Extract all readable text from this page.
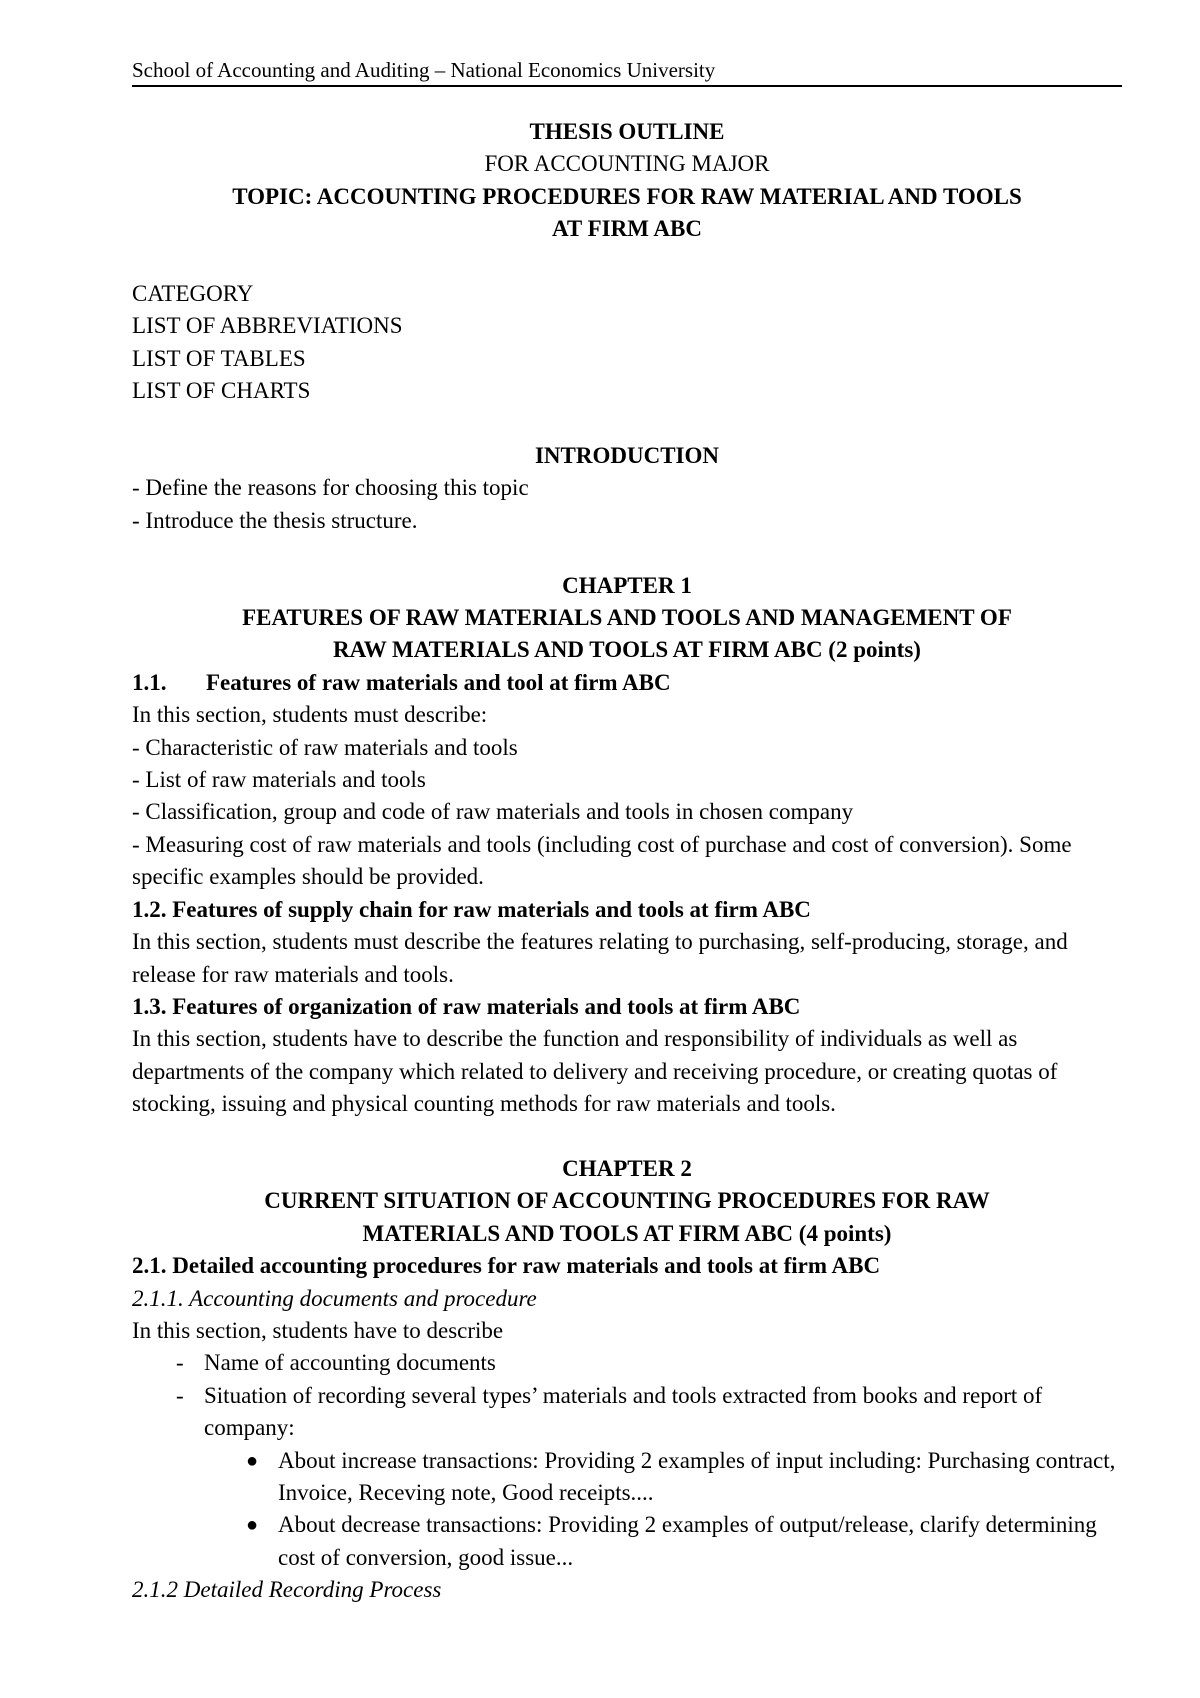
School of Accounting and Auditing – National Economics University
THESIS OUTLINE
FOR ACCOUNTING MAJOR
TOPIC: ACCOUNTING PROCEDURES FOR RAW MATERIAL AND TOOLS
AT FIRM ABC
CATEGORY
LIST OF ABBREVIATIONS
LIST OF TABLES
LIST OF CHARTS
INTRODUCTION
- Define the reasons for choosing this topic
- Introduce the thesis structure.
CHAPTER 1
FEATURES OF RAW MATERIALS AND TOOLS AND MANAGEMENT OF
RAW MATERIALS AND TOOLS AT FIRM ABC (2 points)
1.1. Features of raw materials and tool at firm ABC
In this section, students must describe:
- Characteristic of raw materials and tools
- List of raw materials and tools
- Classification, group and code of raw materials and tools in chosen company
- Measuring cost of raw materials and tools (including cost of purchase and cost of conversion). Some specific examples should be provided.
1.2. Features of supply chain for raw materials and tools at firm ABC
In this section, students must describe the features relating to purchasing, self-producing, storage, and release for raw materials and tools.
1.3. Features of organization of raw materials and tools at firm ABC
In this section, students have to describe the function and responsibility of individuals as well as departments of the company which related to delivery and receiving procedure, or creating quotas of stocking, issuing and physical counting methods for raw materials and tools.
CHAPTER 2
CURRENT SITUATION OF ACCOUNTING PROCEDURES FOR RAW
MATERIALS AND TOOLS AT FIRM ABC (4 points)
2.1. Detailed accounting procedures for raw materials and tools at firm ABC
2.1.1. Accounting documents and procedure
In this section, students have to describe
- Name of accounting documents
- Situation of recording several types’ materials and tools extracted from books and report of company:
● About increase transactions: Providing 2 examples of input including: Purchasing contract, Invoice, Receving note, Good receipts....
● About decrease transactions: Providing 2 examples of output/release, clarify determining cost of conversion, good issue...
2.1.2 Detailed Recording Process
